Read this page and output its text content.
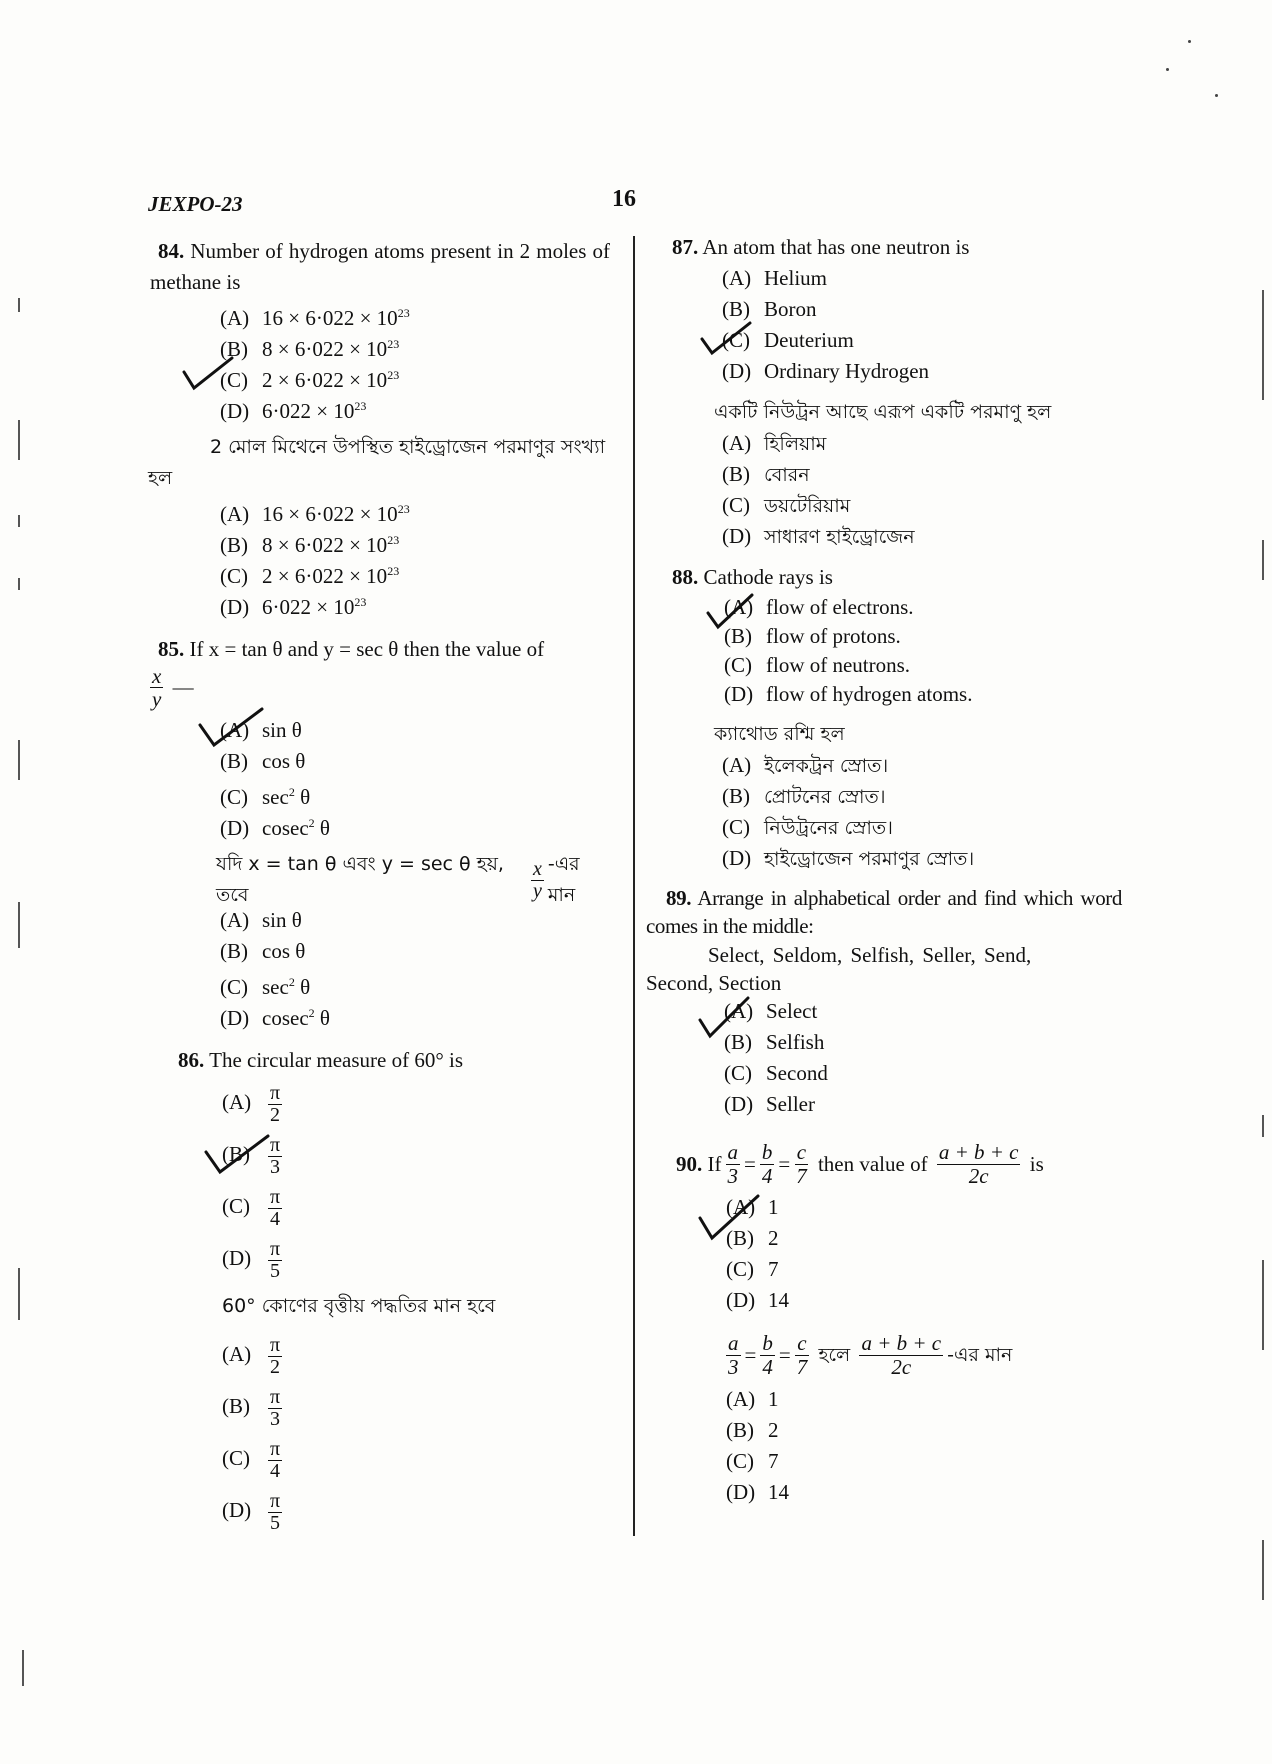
JEXPO-23	16
84. Number of hydrogen atoms present in 2 moles of methane is
(A) $16 \times 6\cdot 022 \times 10^{23}$
(B) $8 \times 6\cdot 022 \times 10^{23}$
(C) $2 \times 6\cdot 022 \times 10^{23}$
(D) $6\cdot 022 \times 10^{23}$
2 মোল মিথেনে উপস্থিত হাইড্রোজেন পরমাণুর সংখ্যা
হল
(A) $16 \times 6\cdot 022 \times 10^{23}$
(B) $8 \times 6\cdot 022 \times 10^{23}$
(C) $2 \times 6\cdot 022 \times 10^{23}$
(D) $6\cdot 022 \times 10^{23}$
85. If x = tan θ and y = sec θ then the value of
$\frac{x}{y}$ —
(A) sin θ
(B) cos θ
(C) $\sec^2 \theta$
(D) cosec$^2$ θ
যদি x = tan θ এবং y = sec θ হয়, তবে	$\frac{x}{y}$ -এর মান
(A) sin θ
(B) cos θ
(C) $\sec^2 \theta$
(D) cosec$^2$ θ
86. The circular measure of 60° is
$(A) \frac{\pi}{2}$
$(B) \frac{\pi}{3}$
$(C) \frac{\pi}{4}$
$(D) \frac{\pi}{5}$
60° কোণের বৃত্তীয় পদ্ধতির মান হবে
$(A) \frac{\pi}{2}$
$(B) \frac{\pi}{3}$
$(C) \frac{\pi}{4}$
$(D) \frac{\pi}{5}$
87. An atom that has one neutron is
(A) Helium
(B) Boron
(C) Deuterium
(D) Ordinary Hydrogen
একটি নিউট্রন আছে এরূপ একটি পরমাণু হল
(A) হিলিয়াম
(B) বোরন
(C) ডয়টেরিয়াম
(D) সাধারণ হাইড্রোজেন
88. Cathode rays is
(A) flow of electrons.
(B) flow of protons.
(C) flow of neutrons.
(D) flow of hydrogen atoms.
ক্যাথোড রশ্মি হল
(A) ইলেকট্রন স্রোত।
(B) প্রোটনের স্রোত।
(C) নিউট্রনের স্রোত।
(D) হাইড্রোজেন পরমাণুর স্রোত।
89. Arrange in alphabetical order and find which word comes in the middle:
Select, Seldom, Selfish, Seller, Send,
Second, Section
(A) Select
(B) Selfish
(C) Second
(D) Seller
90.
If $\frac{a}{3} = \frac{b}{4} = \frac{c}{7}$
then value of
$\frac{a + b + c}{2c}$
is
(A) 1
(B) 2
(C) 7
(D) 14
$\frac{a}{3} = \frac{b}{4} = \frac{c}{7}$
হলে
$\frac{a + b + c}{2c}$ -এর মান
(A) 1
(B) 2
(C) 7
(D) 14
